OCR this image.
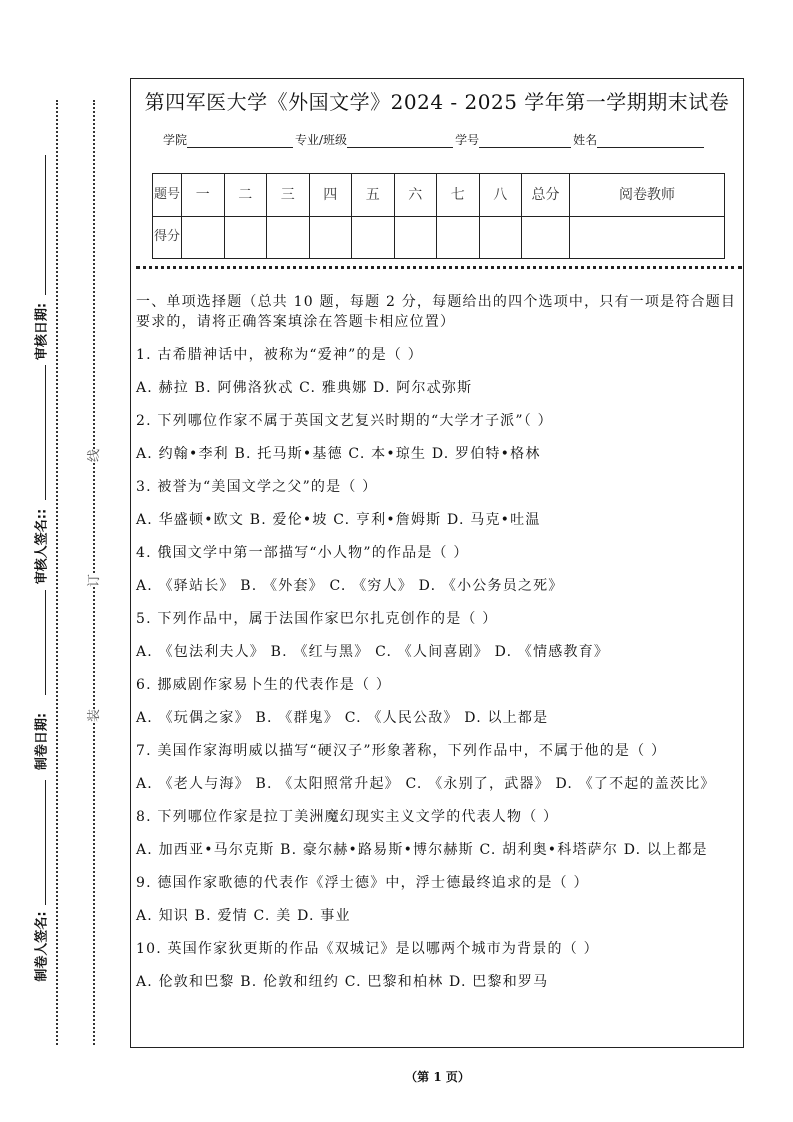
审核日期:
审核人签名::
制卷日期:
制卷人签名:
线
订
装
第四军医大学《外国文学》2024 - 2025 学年第一学期期末试卷
学院	专业/班级	学号	姓名
题号	一	二	三	四	五	六	七	八	总分	阅卷教师
得分										

一、单项选择题（总共 10 题，每题 2 分，每题给出的四个选项中，只有一项是符合题目要求的，请将正确答案填涂在答题卡相应位置）

1. 古希腊神话中，被称为“爱神”的是（ ）

A. 赫拉 B. 阿佛洛狄忒 C. 雅典娜 D. 阿尔忒弥斯

2. 下列哪位作家不属于英国文艺复兴时期的“大学才子派”（ ）

A. 约翰•李利 B. 托马斯•基德 C. 本•琼生 D. 罗伯特•格林

3. 被誉为“美国文学之父”的是（ ）

A. 华盛顿•欧文 B. 爱伦•坡 C. 亨利•詹姆斯 D. 马克•吐温

4. 俄国文学中第一部描写“小人物”的作品是（ ）

A. 《驿站长》 B. 《外套》 C. 《穷人》 D. 《小公务员之死》

5. 下列作品中，属于法国作家巴尔扎克创作的是（ ）

A. 《包法利夫人》 B. 《红与黑》 C. 《人间喜剧》 D. 《情感教育》

6. 挪威剧作家易卜生的代表作是（ ）

A. 《玩偶之家》 B. 《群鬼》 C. 《人民公敌》 D. 以上都是

7. 美国作家海明威以描写“硬汉子”形象著称，下列作品中，不属于他的是（ ）

A. 《老人与海》 B. 《太阳照常升起》 C. 《永别了，武器》 D. 《了不起的盖茨比》

8. 下列哪位作家是拉丁美洲魔幻现实主义文学的代表人物（ ）

A. 加西亚•马尔克斯 B. 豪尔赫•路易斯•博尔赫斯 C. 胡利奥•科塔萨尔 D. 以上都是

9. 德国作家歌德的代表作《浮士德》中，浮士德最终追求的是（ ）

A. 知识 B. 爱情 C. 美 D. 事业

10. 英国作家狄更斯的作品《双城记》是以哪两个城市为背景的（ ）

A. 伦敦和巴黎 B. 伦敦和纽约 C. 巴黎和柏林 D. 巴黎和罗马

（第 1 页）
